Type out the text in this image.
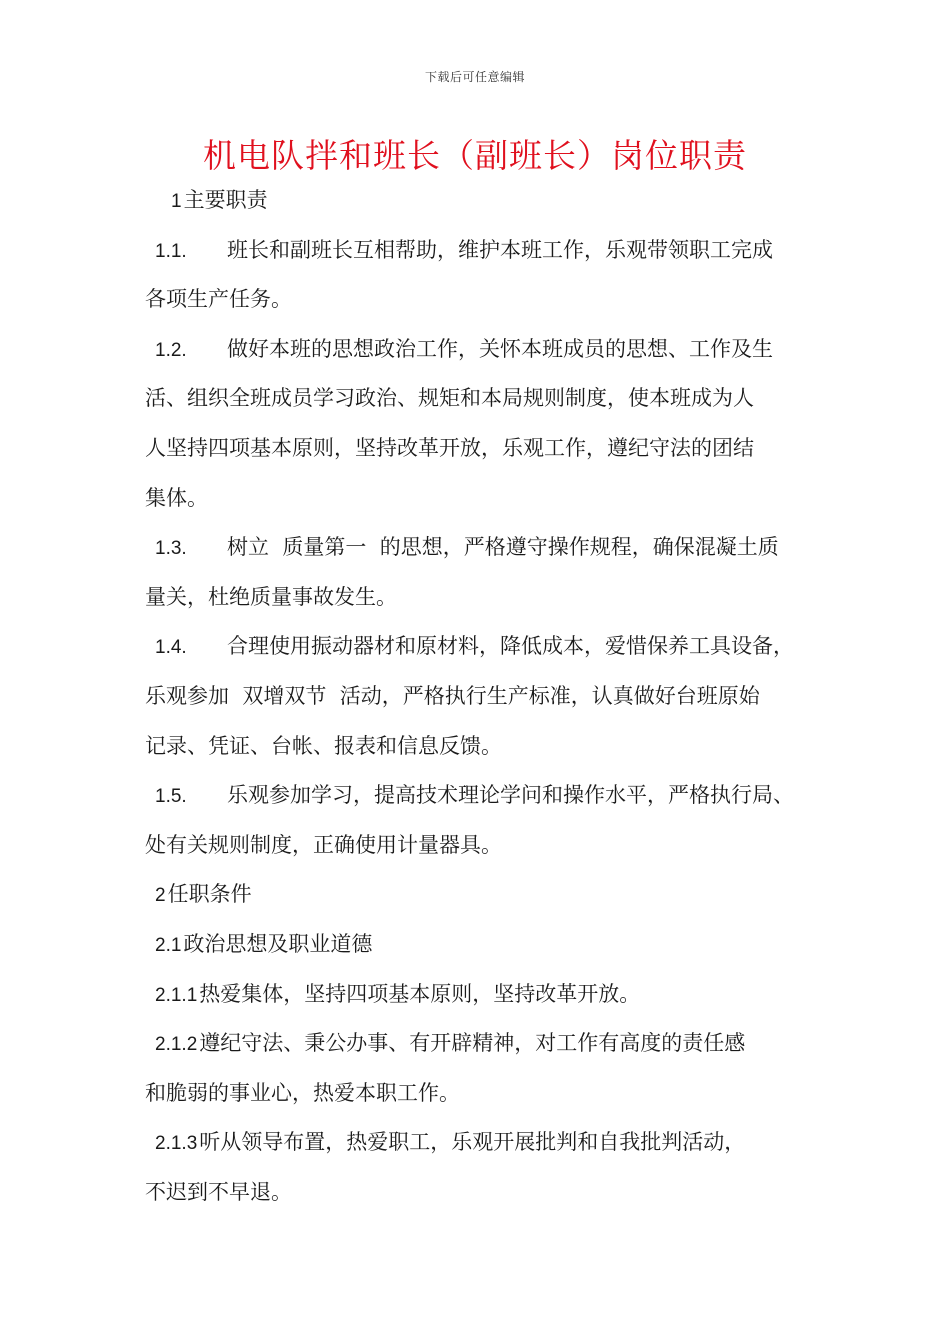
下载后可任意编辑
机电队拌和班长（副班长）岗位职责
1主要职责
1.1. 班长和副班长互相帮助，维护本班工作，乐观带领职工完成
各项生产任务。
1.2. 做好本班的思想政治工作，关怀本班成员的思想、工作及生
活、组织全班成员学习政治、规矩和本局规则制度，使本班成为人
人坚持四项基本原则，坚持改革开放，乐观工作，遵纪守法的团结
集体。
1.3. 树立  质量第一  的思想，严格遵守操作规程，确保混凝土质
量关，杜绝质量事故发生。
1.4. 合理使用振动器材和原材料，降低成本，爱惜保养工具设备，
乐观参加  双增双节  活动，严格执行生产标准，认真做好台班原始
记录、凭证、台帐、报表和信息反馈。
1.5. 乐观参加学习，提高技术理论学问和操作水平，严格执行局、
处有关规则制度，正确使用计量器具。
2任职条件
2.1政治思想及职业道德
2.1.1热爱集体，坚持四项基本原则，坚持改革开放。
2.1.2遵纪守法、秉公办事、有开辟精神，对工作有高度的责任感
和脆弱的事业心，热爱本职工作。
2.1.3听从领导布置，热爱职工，乐观开展批判和自我批判活动，
不迟到不早退。
